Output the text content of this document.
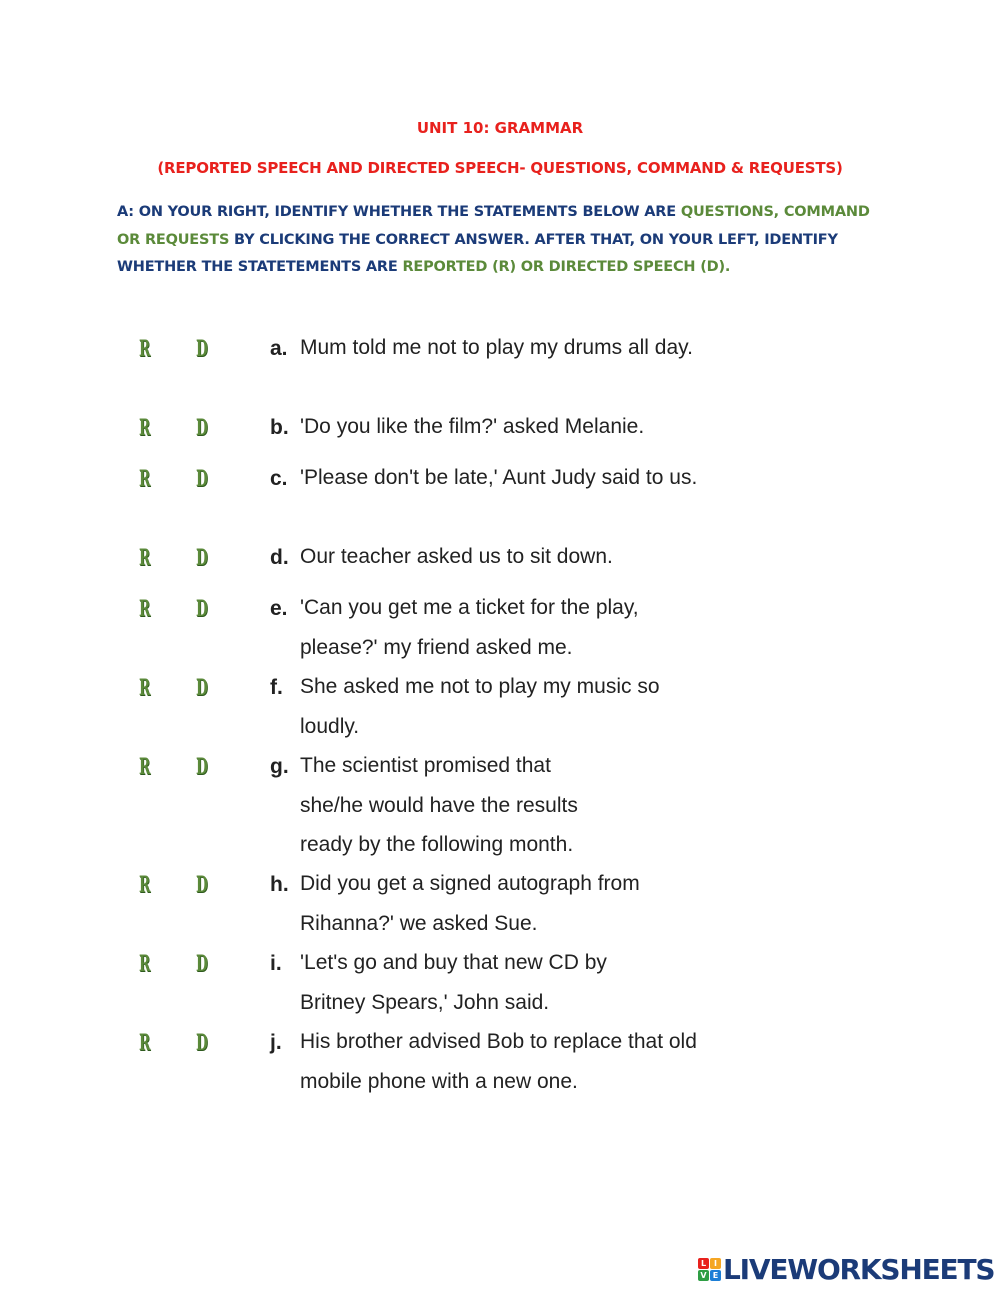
UNIT 10: GRAMMAR
(REPORTED SPEECH AND DIRECTED SPEECH- QUESTIONS, COMMAND & REQUESTS)
A: ON YOUR RIGHT, IDENTIFY WHETHER THE STATEMENTS BELOW ARE QUESTIONS, COMMAND OR REQUESTS BY CLICKING THE CORRECT ANSWER. AFTER THAT, ON YOUR LEFT, IDENTIFY WHETHER THE STATETEMENTS ARE REPORTED (R) OR DIRECTED SPEECH (D).
R D	a. Mum told me not to play my drums all day.
R D	b. 'Do you like the film?' asked Melanie.
R D	c. 'Please don't be late,' Aunt Judy said to us.
R D	d. Our teacher asked us to sit down.
R D	e. 'Can you get me a ticket for the play, please?' my friend asked me.
R D	f. She asked me not to play my music so loudly.
R D	g. The scientist promised that she/he would have the results ready by the following month.
R D	h. Did you get a signed autograph from Rihanna?' we asked Sue.
R D	i. 'Let's go and buy that new CD by Britney Spears,' John said.
R D	j. His brother advised Bob to replace that old mobile phone with a new one.
L I
V E LIVEWORKSHEETS
